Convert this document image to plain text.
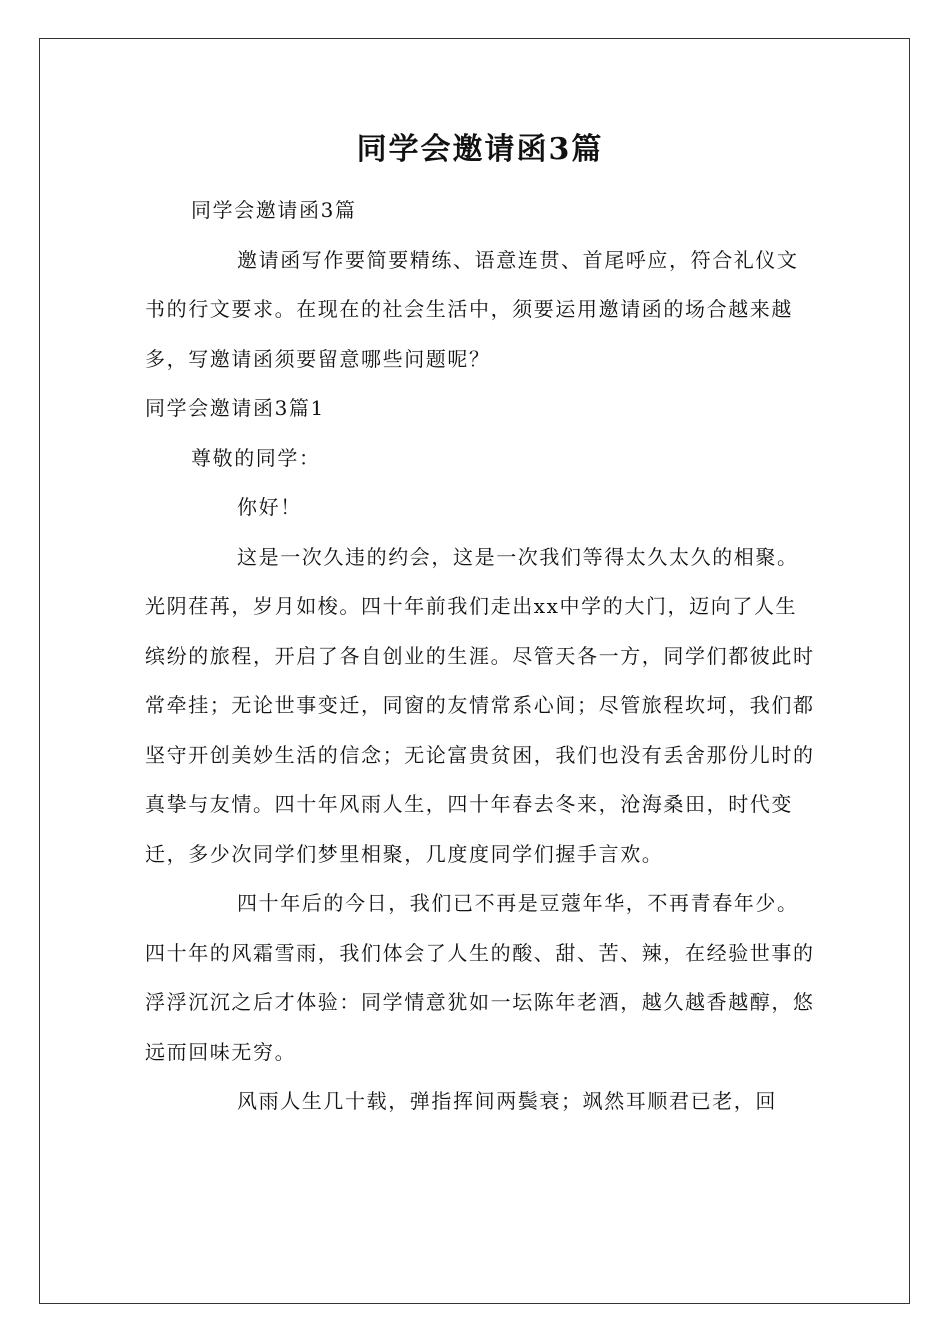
同学会邀请函3篇

同学会邀请函3篇

邀请函写作要简要精练、语意连贯、首尾呼应，符合礼仪文书的行文要求。在现在的社会生活中，须要运用邀请函的场合越来越多，写邀请函须要留意哪些问题呢？

同学会邀请函3篇1

尊敬的同学：

你好！

这是一次久违的约会，这是一次我们等得太久太久的相聚。光阴荏苒，岁月如梭。四十年前我们走出xx中学的大门，迈向了人生缤纷的旅程，开启了各自创业的生涯。尽管天各一方，同学们都彼此时常牵挂；无论世事变迁，同窗的友情常系心间；尽管旅程坎坷，我们都坚守开创美妙生活的信念；无论富贵贫困，我们也没有丢舍那份儿时的真挚与友情。四十年风雨人生，四十年春去冬来，沧海桑田，时代变迁，多少次同学们梦里相聚，几度度同学们握手言欢。

四十年后的今日，我们已不再是豆蔻年华，不再青春年少。四十年的风霜雪雨，我们体会了人生的酸、甜、苦、辣，在经验世事的浮浮沉沉之后才体验：同学情意犹如一坛陈年老酒，越久越香越醇，悠远而回味无穷。

风雨人生几十载，弹指挥间两鬓衰；飒然耳顺君已老，回
